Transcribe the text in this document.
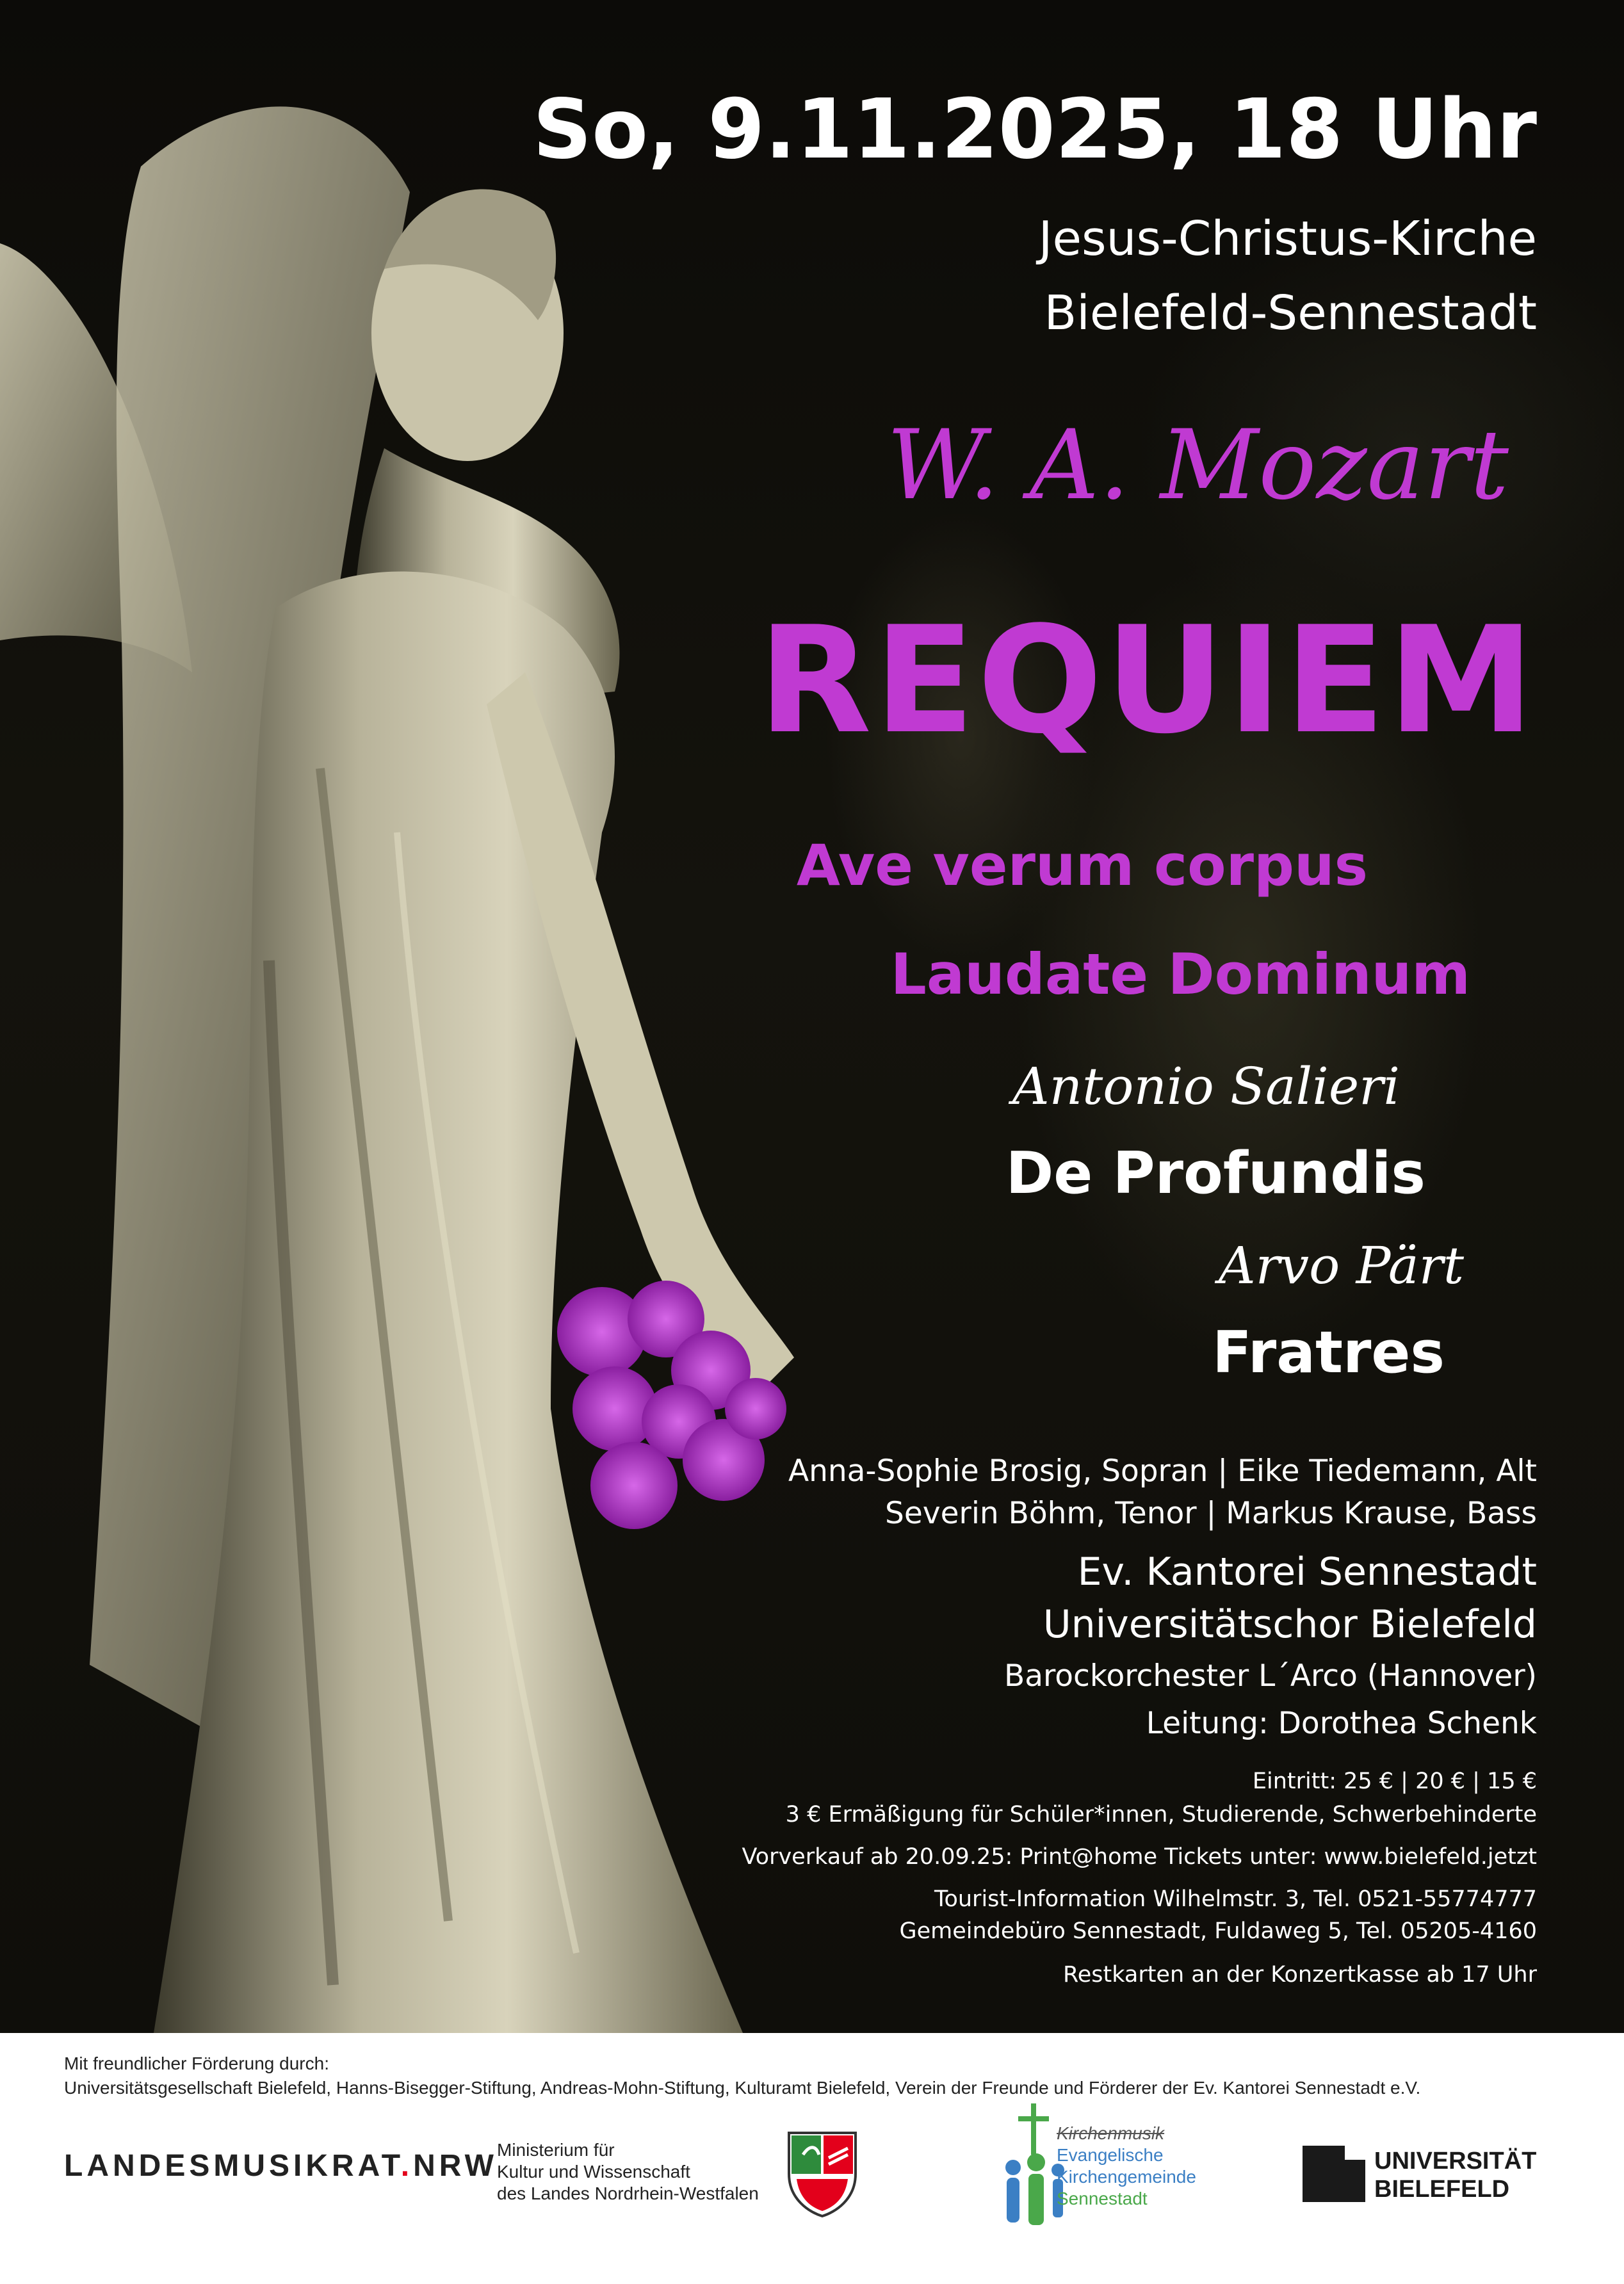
So, 9.11.2025, 18 Uhr
Jesus-Christus-Kirche
Bielefeld-Sennestadt
W. A. Mozart
REQUIEM
Ave verum corpus
Laudate Dominum
Antonio Salieri
De Profundis
Arvo Pärt
Fratres
Anna-Sophie Brosig, Sopran | Eike Tiedemann, Alt
Severin Böhm, Tenor | Markus Krause, Bass
Ev. Kantorei Sennestadt
Universitätschor Bielefeld
Barockorchester L´Arco (Hannover)
Leitung: Dorothea Schenk
Eintritt: 25 € | 20 € | 15 €
3 € Ermäßigung für Schüler*innen, Studierende, Schwerbehinderte
Vorverkauf ab 20.09.25: Print@home Tickets unter: www.bielefeld.jetzt
Tourist-Information Wilhelmstr. 3, Tel. 0521-55774777
Gemeindebüro Sennestadt, Fuldaweg 5, Tel. 05205-4160
Restkarten an der Konzertkasse ab 17 Uhr
Mit freundlicher Förderung durch:
Universitätsgesellschaft Bielefeld, Hanns-Bisegger-Stiftung, Andreas-Mohn-Stiftung, Kulturamt Bielefeld, Verein der Freunde und Förderer der Ev. Kantorei Sennestadt e.V.
LANDESMUSIKRAT.NRW Ministerium für
Kultur und Wissenschaft
des Landes Nordrhein-Westfalen
Kirchenmusik
Evangelische
Kirchengemeinde
Sennestadt
UNIVERSITÄT
BIELEFELD
